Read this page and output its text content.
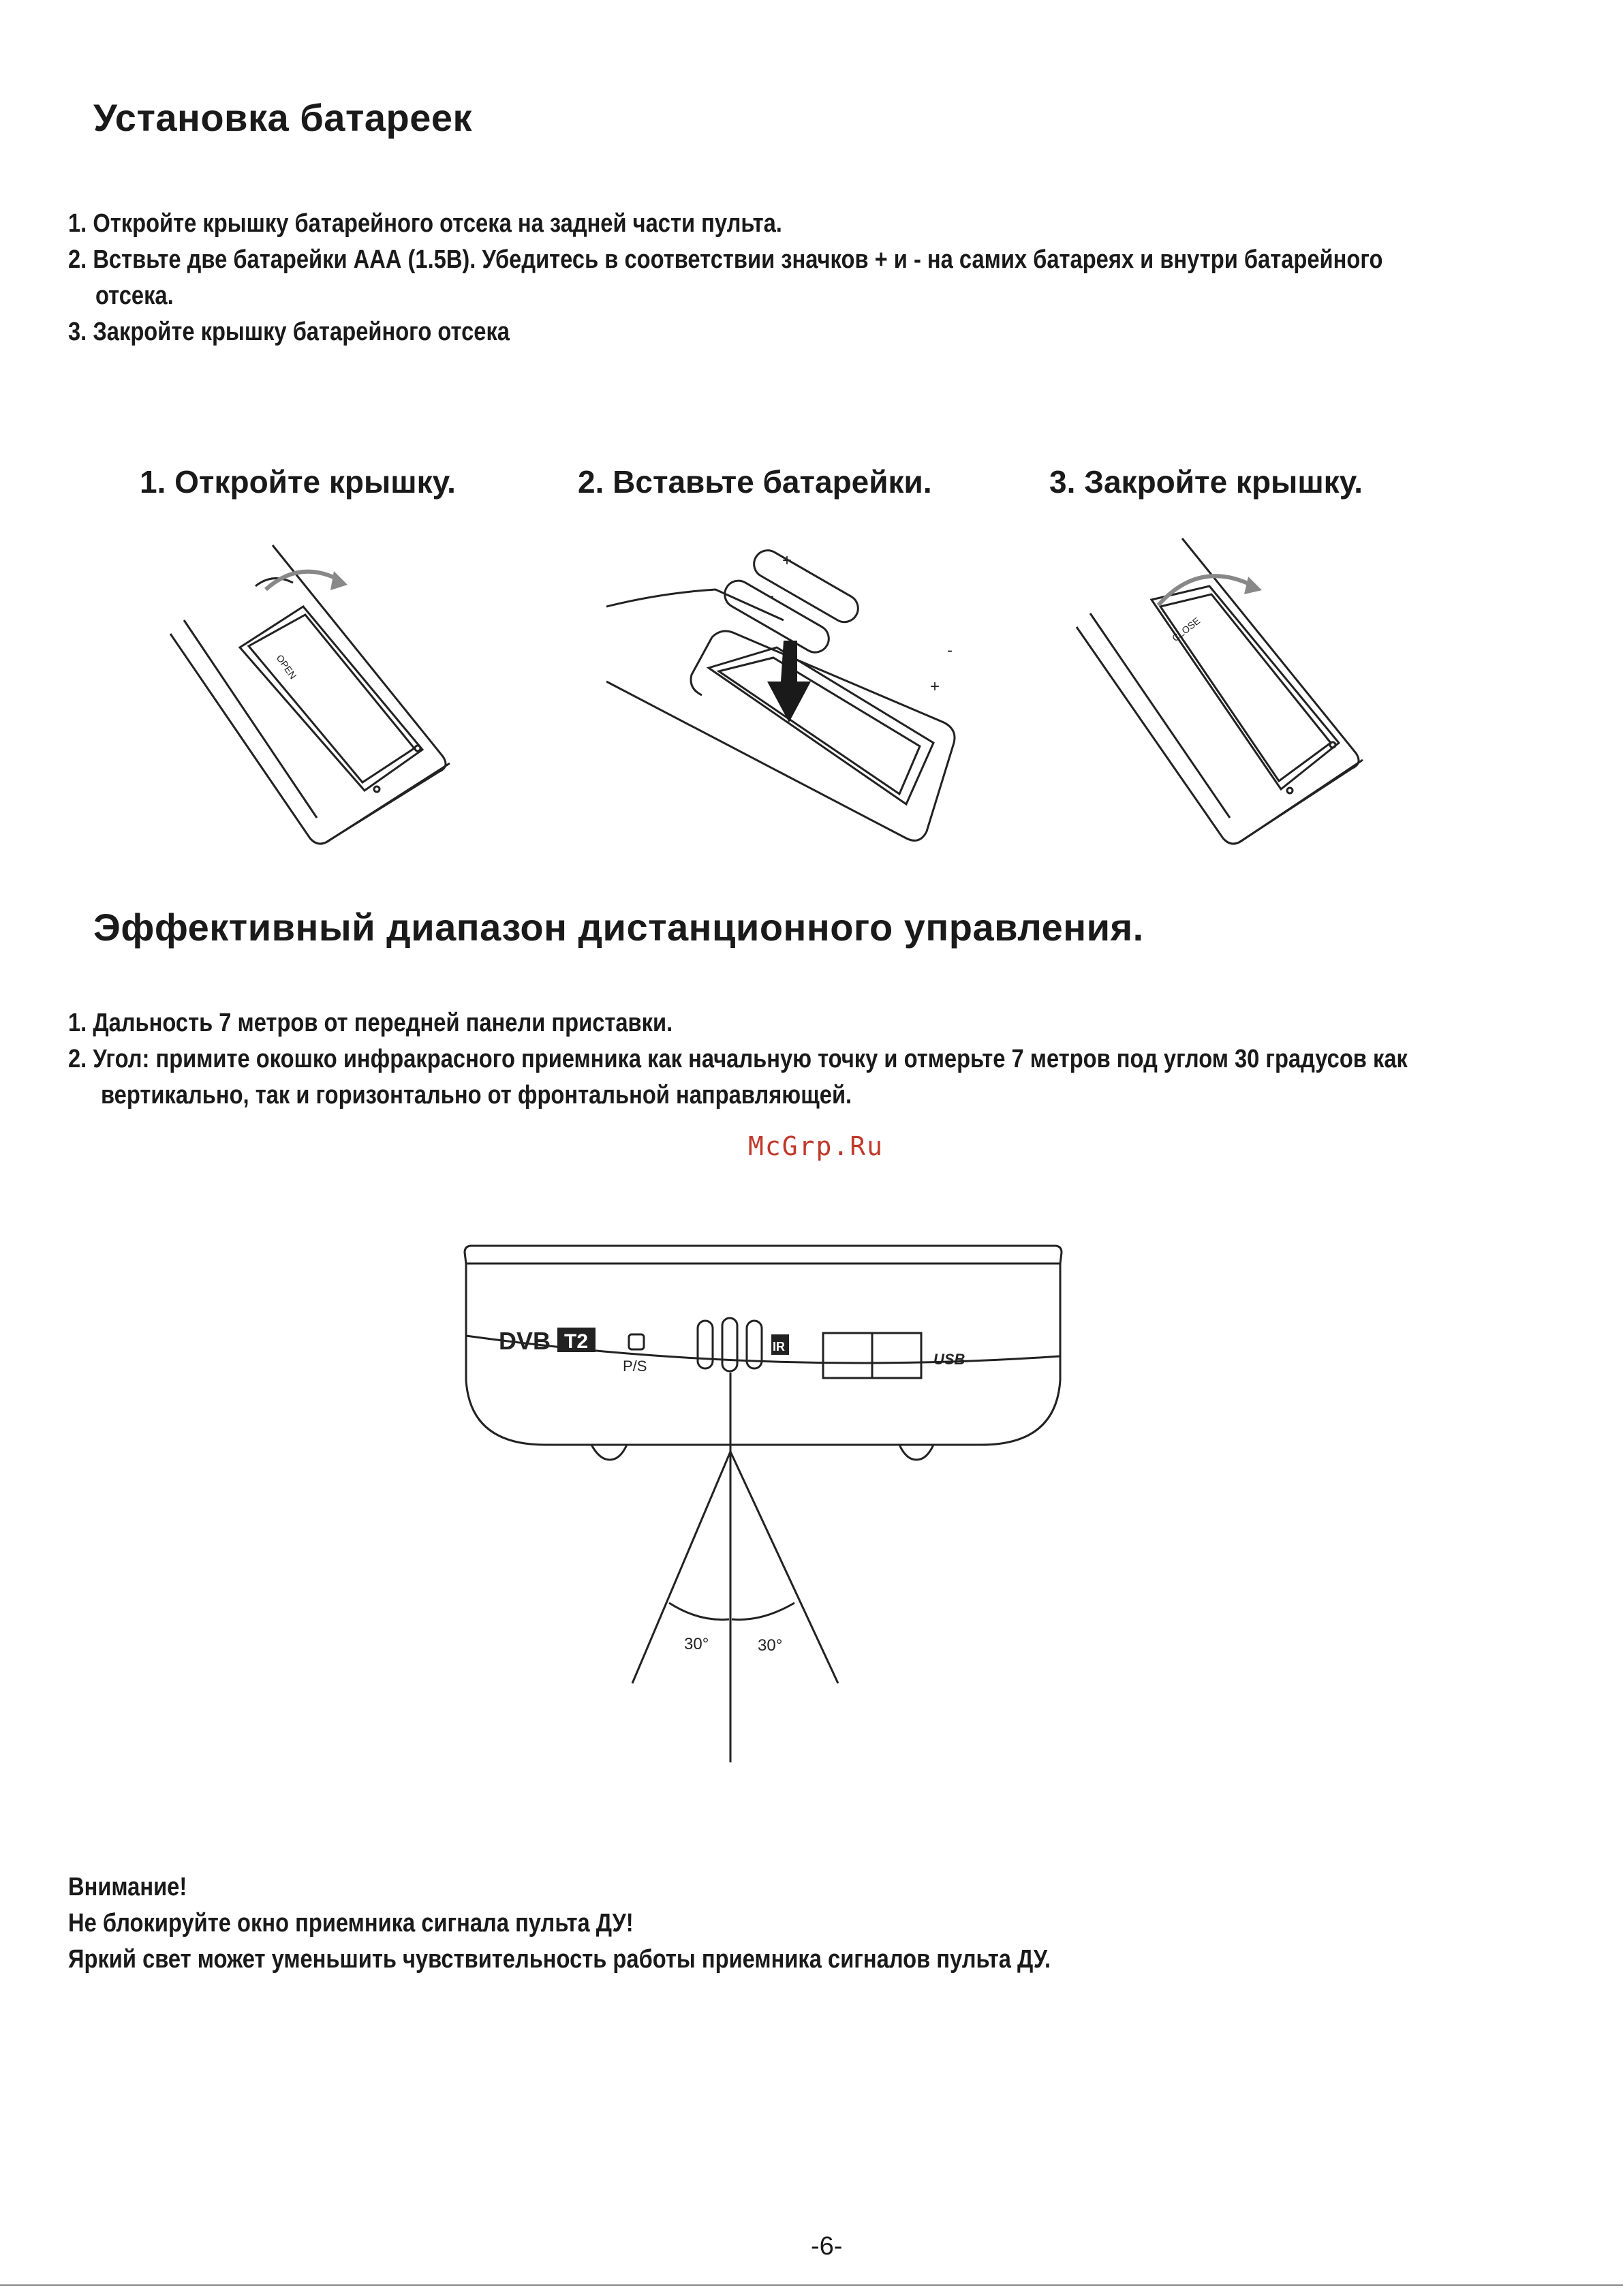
Установка батареек
1. Откройте крышку батарейного отсека на задней части пульта.
2. Вствьте две батарейки ААА (1.5В). Убедитесь в соответствии значков + и - на самих батареях и внутри батарейного
отсека.
3. Закройте крышку батарейного отсека
1. Откройте крышку.	2. Вставьте батарейки.	3. Закройте крышку.
OPEN
+
-
-
+
CLOSE
Эффективный диапазон дистанционного управления.
1. Дальность 7 метров от передней панели приставки.
2. Угол: примите окошко инфракрасного приемника как начальную точку и отмерьте 7 метров под углом 30 градусов как
вертикально, так и горизонтально от фронтальной направляющей.
McGrp.Ru
DVB T2
P/S
IR
USB
30°	30°
Внимание!
Не блокируйте окно приемника сигнала пульта ДУ!
Яркий свет может уменьшить чувствительность работы приемника сигналов пульта ДУ.
-6-
